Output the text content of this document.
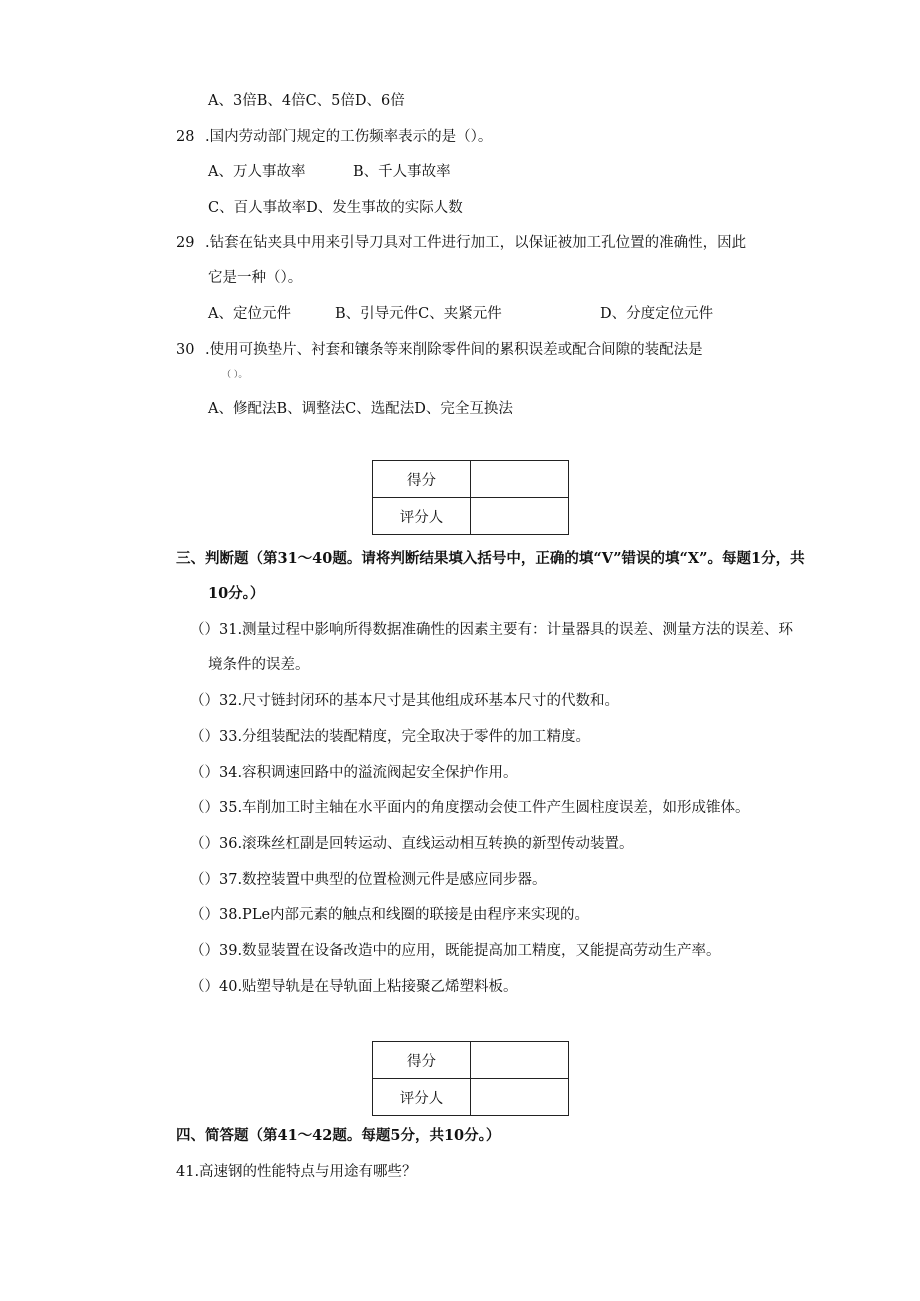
A、3倍B、4倍C、5倍D、6倍
28 .国内劳动部门规定的工伤频率表示的是（）。
A、万人事故率	B、千人事故率
C、百人事故率D、发生事故的实际人数
29 .钻套在钻夹具中用来引导刀具对工件进行加工，以保证被加工孔位置的准确性，因此
它是一种（）。
A、定位元件	B、引导元件C、夹紧元件	D、分度定位元件
30 .使用可换垫片、衬套和镶条等来削除零件间的累积误差或配合间隙的装配法是
（ ）。
A、修配法B、调整法C、选配法D、完全互换法
得分	
评分人	
三、判断题（第31～40题。请将判断结果填入括号中，正确的填“V”错误的填“X”。每题1分，共
10分。）
（）31.测量过程中影响所得数据准确性的因素主要有：计量器具的误差、测量方法的误差、环
境条件的误差。
（）32.尺寸链封闭环的基本尺寸是其他组成环基本尺寸的代数和。
（）33.分组装配法的装配精度，完全取决于零件的加工精度。
（）34.容积调速回路中的溢流阀起安全保护作用。
（）35.车削加工时主轴在水平面内的角度摆动会使工件产生圆柱度误差，如形成锥体。
（）36.滚珠丝杠副是回转运动、直线运动相互转换的新型传动装置。
（）37.数控装置中典型的位置检测元件是感应同步器。
（）38.PLe内部元素的触点和线圈的联接是由程序来实现的。
（）39.数显装置在设备改造中的应用，既能提高加工精度，又能提高劳动生产率。
（）40.贴塑导轨是在导轨面上粘接聚乙烯塑料板。
得分	
评分人	
四、简答题（第41～42题。每题5分，共10分。）
41.高速钢的性能特点与用途有哪些？
